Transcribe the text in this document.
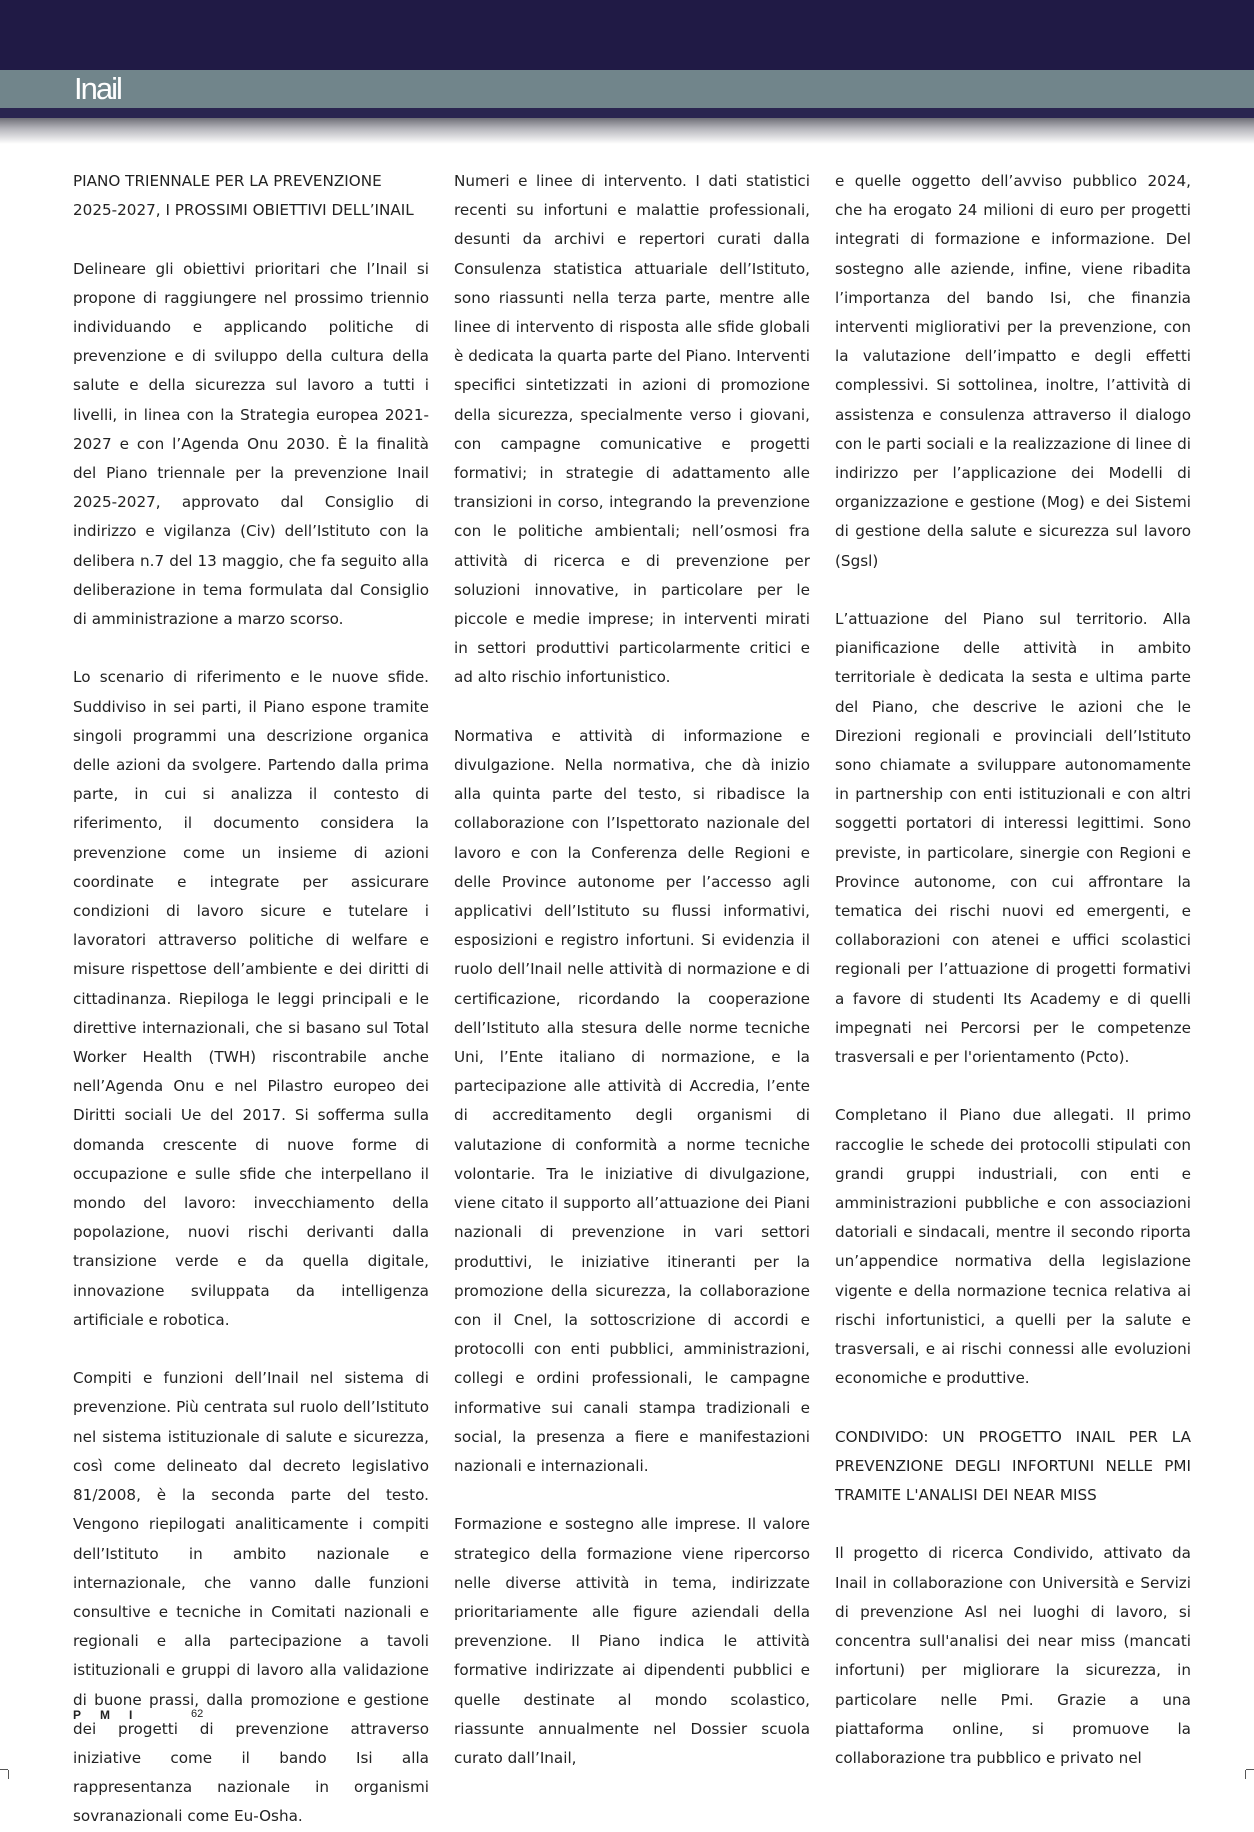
Inail

PIANO TRIENNALE PER LA PREVENZIONE 2025-2027, I PROSSIMI OBIETTIVI DELL’INAIL

Delineare gli obiettivi prioritari che l’Inail si propone di raggiungere nel prossimo triennio individuando e applicando politiche di prevenzione e di sviluppo della cultura della salute e della sicurezza sul lavoro a tutti i livelli, in linea con la Strategia europea 2021-2027 e con l’Agenda Onu 2030. È la finalità del Piano triennale per la prevenzione Inail 2025-2027, approvato dal Consiglio di indirizzo e vigilanza (Civ) dell’Istituto con la delibera n.7 del 13 maggio, che fa seguito alla deliberazione in tema formulata dal Consiglio di amministrazione a marzo scorso.

Lo scenario di riferimento e le nuove sfide. Suddiviso in sei parti, il Piano espone tramite singoli programmi una descrizione organica delle azioni da svolgere. Partendo dalla prima parte, in cui si analizza il contesto di riferimento, il documento considera la prevenzione come un insieme di azioni coordinate e integrate per assicurare condizioni di lavoro sicure e tutelare i lavoratori attraverso politiche di welfare e misure rispettose dell’ambiente e dei diritti di cittadinanza. Riepiloga le leggi principali e le direttive internazionali, che si basano sul Total Worker Health (TWH) riscontrabile anche nell’Agenda Onu e nel Pilastro europeo dei Diritti sociali Ue del 2017. Si sofferma sulla domanda crescente di nuove forme di occupazione e sulle sfide che interpellano il mondo del lavoro: invecchiamento della popolazione, nuovi rischi derivanti dalla transizione verde e da quella digitale, innovazione sviluppata da intelligenza artificiale e robotica.

Compiti e funzioni dell’Inail nel sistema di prevenzione. Più centrata sul ruolo dell’Istituto nel sistema istituzionale di salute e sicurezza, così come delineato dal decreto legislativo 81/2008, è la seconda parte del testo. Vengono riepilogati analiticamente i compiti dell’Istituto in ambito nazionale e internazionale, che vanno dalle funzioni consultive e tecniche in Comitati nazionali e regionali e alla partecipazione a tavoli istituzionali e gruppi di lavoro alla validazione di buone prassi, dalla promozione e gestione dei progetti di prevenzione attraverso iniziative come il bando Isi alla rappresentanza nazionale in organismi sovranazionali come Eu-Osha.

Numeri e linee di intervento. I dati statistici recenti su infortuni e malattie professionali, desunti da archivi e repertori curati dalla Consulenza statistica attuariale dell’Istituto, sono riassunti nella terza parte, mentre alle linee di intervento di risposta alle sfide globali è dedicata la quarta parte del Piano. Interventi specifici sintetizzati in azioni di promozione della sicurezza, specialmente verso i giovani, con campagne comunicative e progetti formativi; in strategie di adattamento alle transizioni in corso, integrando la prevenzione con le politiche ambientali; nell’osmosi fra attività di ricerca e di prevenzione per soluzioni innovative, in particolare per le piccole e medie imprese; in interventi mirati in settori produttivi particolarmente critici e ad alto rischio infortunistico.

Normativa e attività di informazione e divulgazione. Nella normativa, che dà inizio alla quinta parte del testo, si ribadisce la collaborazione con l’Ispettorato nazionale del lavoro e con la Conferenza delle Regioni e delle Province autonome per l’accesso agli applicativi dell’Istituto su flussi informativi, esposizioni e registro infortuni. Si evidenzia il ruolo dell’Inail nelle attività di normazione e di certificazione, ricordando la cooperazione dell’Istituto alla stesura delle norme tecniche Uni, l’Ente italiano di normazione, e la partecipazione alle attività di Accredia, l’ente di accreditamento degli organismi di valutazione di conformità a norme tecniche volontarie. Tra le iniziative di divulgazione, viene citato il supporto all’attuazione dei Piani nazionali di prevenzione in vari settori produttivi, le iniziative itineranti per la promozione della sicurezza, la collaborazione con il Cnel, la sottoscrizione di accordi e protocolli con enti pubblici, amministrazioni, collegi e ordini professionali, le campagne informative sui canali stampa tradizionali e social, la presenza a fiere e manifestazioni nazionali e internazionali.

Formazione e sostegno alle imprese. Il valore strategico della formazione viene ripercorso nelle diverse attività in tema, indirizzate prioritariamente alle figure aziendali della prevenzione. Il Piano indica le attività formative indirizzate ai dipendenti pubblici e quelle destinate al mondo scolastico, riassunte annualmente nel Dossier scuola curato dall’Inail,

e quelle oggetto dell’avviso pubblico 2024, che ha erogato 24 milioni di euro per progetti integrati di formazione e informazione. Del sostegno alle aziende, infine, viene ribadita l’importanza del bando Isi, che finanzia interventi migliorativi per la prevenzione, con la valutazione dell’impatto e degli effetti complessivi. Si sottolinea, inoltre, l’attività di assistenza e consulenza attraverso il dialogo con le parti sociali e la realizzazione di linee di indirizzo per l’applicazione dei Modelli di organizzazione e gestione (Mog) e dei Sistemi di gestione della salute e sicurezza sul lavoro (Sgsl)

L’attuazione del Piano sul territorio. Alla pianificazione delle attività in ambito territoriale è dedicata la sesta e ultima parte del Piano, che descrive le azioni che le Direzioni regionali e provinciali dell’Istituto sono chiamate a sviluppare autonomamente in partnership con enti istituzionali e con altri soggetti portatori di interessi legittimi. Sono previste, in particolare, sinergie con Regioni e Province autonome, con cui affrontare la tematica dei rischi nuovi ed emergenti, e collaborazioni con atenei e uffici scolastici regionali per l’attuazione di progetti formativi a favore di studenti Its Academy e di quelli impegnati nei Percorsi per le competenze trasversali e per l'orientamento (Pcto).

Completano il Piano due allegati. Il primo raccoglie le schede dei protocolli stipulati con grandi gruppi industriali, con enti e amministrazioni pubbliche e con associazioni datoriali e sindacali, mentre il secondo riporta un’appendice normativa della legislazione vigente e della normazione tecnica relativa ai rischi infortunistici, a quelli per la salute e trasversali, e ai rischi connessi alle evoluzioni economiche e produttive.

CONDIVIDO: UN PROGETTO INAIL PER LA PREVENZIONE DEGLI INFORTUNI NELLE PMI TRAMITE L'ANALISI DEI NEAR MISS

Il progetto di ricerca Condivido, attivato da Inail in collaborazione con Università e Servizi di prevenzione Asl nei luoghi di lavoro, si concentra sull'analisi dei near miss (mancati infortuni) per migliorare la sicurezza, in particolare nelle Pmi. Grazie a una piattaforma online, si promuove la collaborazione tra pubblico e privato nel

PMI	62
